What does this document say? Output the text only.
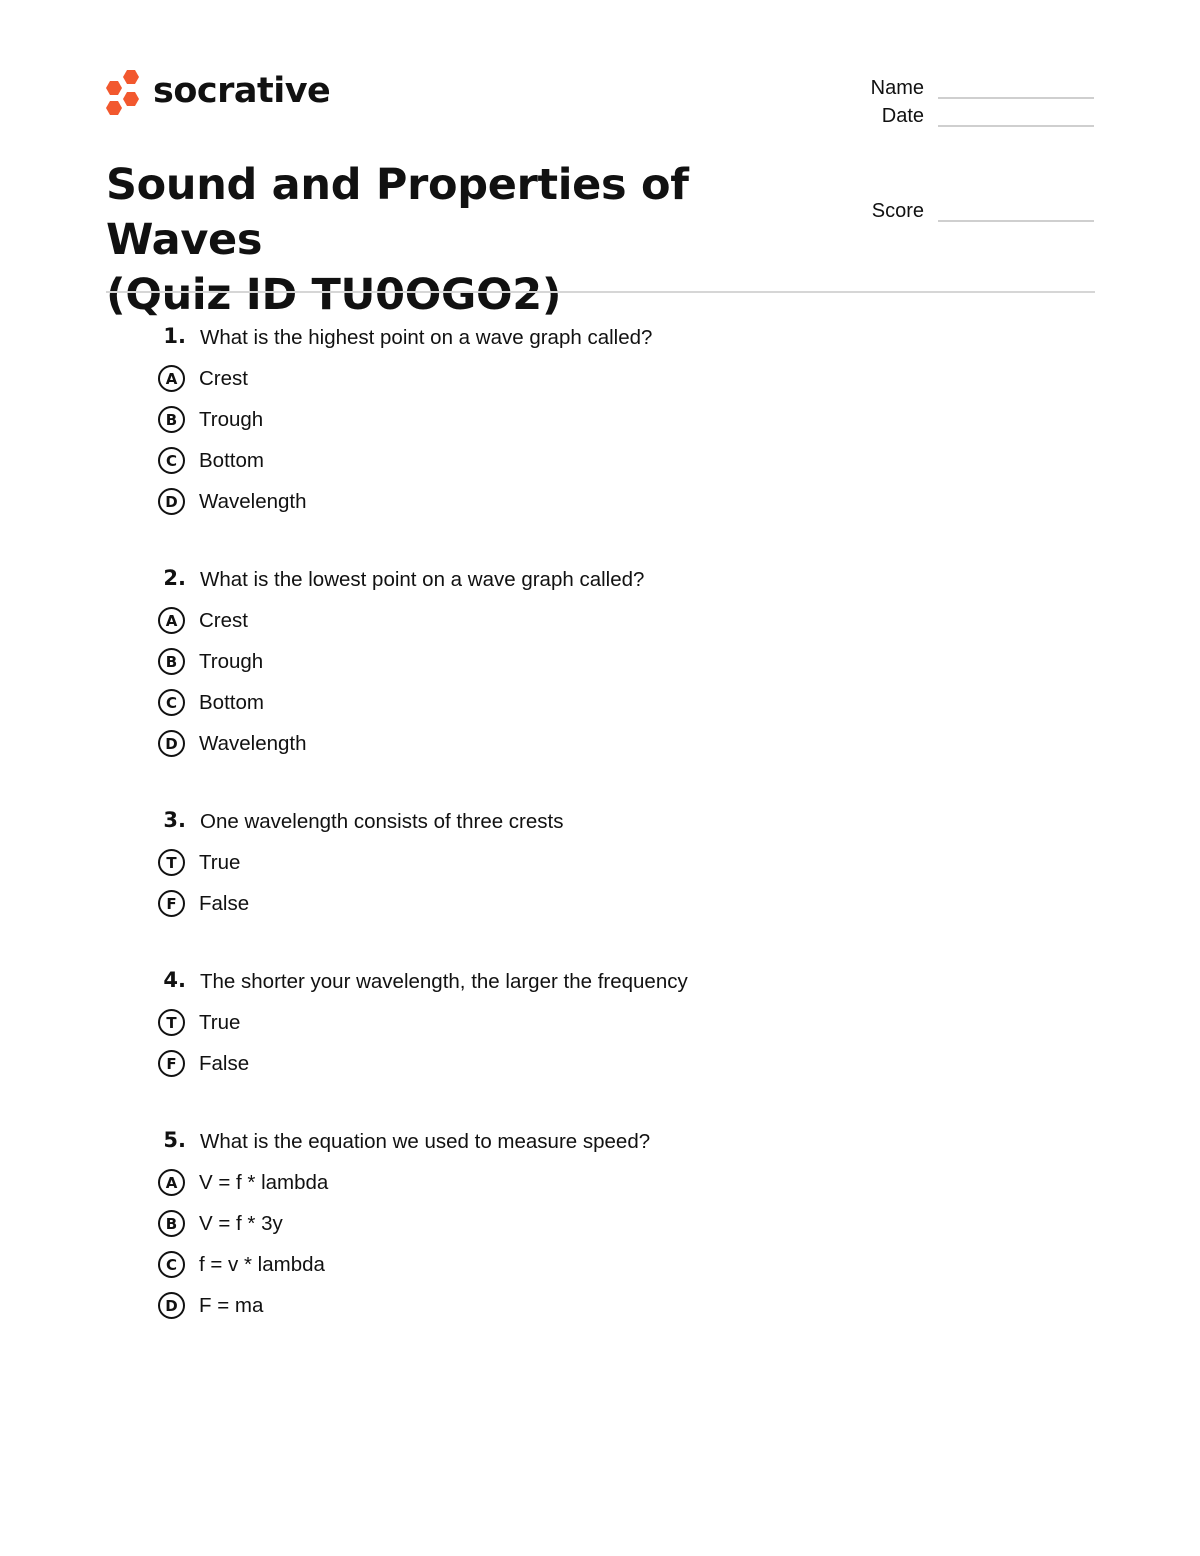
socrative	Name
Date
Score
Sound and Properties of Waves
(Quiz ID TU0OGO2)
1. What is the highest point on a wave graph called?
A	Crest
B	Trough
C	Bottom
D	Wavelength
2. What is the lowest point on a wave graph called?
A	Crest
B	Trough
C	Bottom
D	Wavelength
3. One wavelength consists of three crests
T	True
F	False
4. The shorter your wavelength, the larger the frequency
T	True
F	False
5. What is the equation we used to measure speed?
A	V = f * lambda
B	V = f * 3y
C	f = v * lambda
D	F = ma
